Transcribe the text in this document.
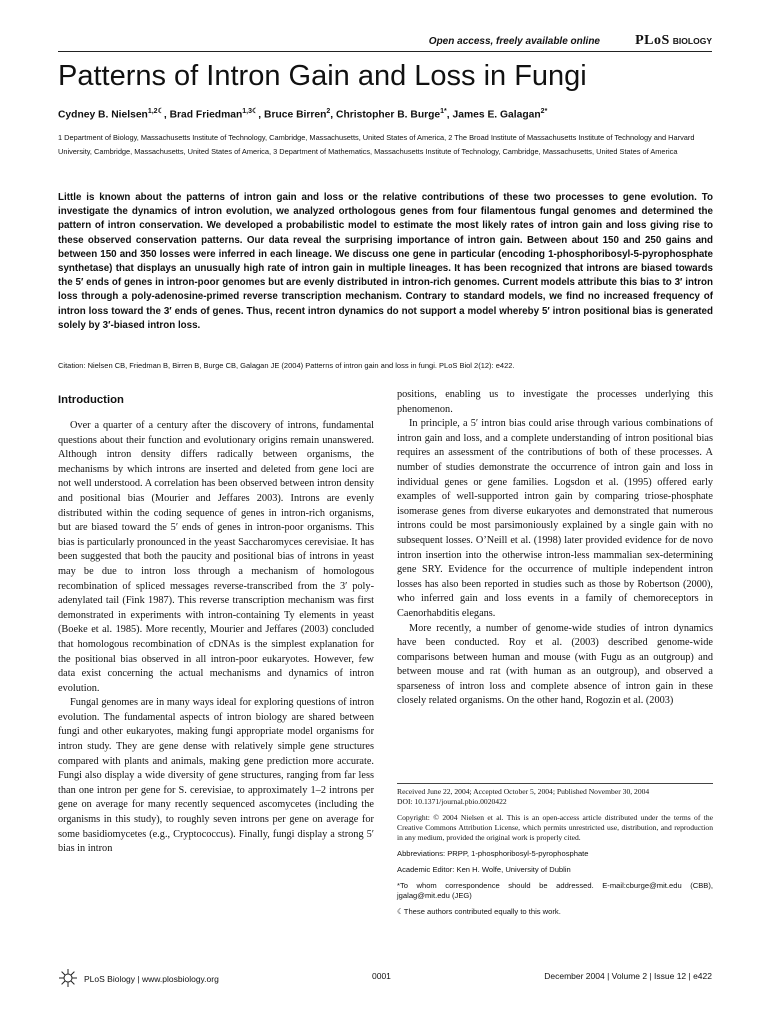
Open access, freely available online	PLoS BIOLOGY
Patterns of Intron Gain and Loss in Fungi
Cydney B. Nielsen$^{1,2☾}$, Brad Friedman$^{1,3☾}$, Bruce Birren$^2$, Christopher B. Burge$^{1*}$, James E. Galagan$^{2*}$
1 Department of Biology, Massachusetts Institute of Technology, Cambridge, Massachusetts, United States of America, 2 The Broad Institute of Massachusetts Institute of Technology and Harvard University, Cambridge, Massachusetts, United States of America, 3 Department of Mathematics, Massachusetts Institute of Technology, Cambridge, Massachusetts, United States of America
Little is known about the patterns of intron gain and loss or the relative contributions of these two processes to gene evolution. To investigate the dynamics of intron evolution, we analyzed orthologous genes from four filamentous fungal genomes and determined the pattern of intron conservation. We developed a probabilistic model to estimate the most likely rates of intron gain and loss giving rise to these observed conservation patterns. Our data reveal the surprising importance of intron gain. Between about 150 and 250 gains and between 150 and 350 losses were inferred in each lineage. We discuss one gene in particular (encoding 1-phosphoribosyl-5-pyrophosphate synthetase) that displays an unusually high rate of intron gain in multiple lineages. It has been recognized that introns are biased towards the 5′ ends of genes in intron-poor genomes but are evenly distributed in intron-rich genomes. Current models attribute this bias to 3′ intron loss through a poly-adenosine-primed reverse transcription mechanism. Contrary to standard models, we find no increased frequency of intron loss toward the 3′ ends of genes. Thus, recent intron dynamics do not support a model whereby 5′ intron positional bias is generated solely by 3′-biased intron loss.
Citation: Nielsen CB, Friedman B, Birren B, Burge CB, Galagan JE (2004) Patterns of intron gain and loss in fungi. PLoS Biol 2(12): e422.
Introduction

Over a quarter of a century after the discovery of introns, fundamental questions about their function and evolutionary origins remain unanswered. Although intron density differs radically between organisms, the mechanisms by which introns are inserted and deleted from gene loci are not well understood. A correlation has been observed between intron density and positional bias (Mourier and Jeffares 2003). Introns are evenly distributed within the coding sequence of genes in intron-rich organisms, but are biased toward the 5′ ends of genes in intron-poor organisms. This bias is particularly pronounced in the yeast Saccharomyces cerevisiae. It has been suggested that both the paucity and positional bias of introns in yeast may be due to intron loss through a mechanism of homologous recombination of spliced messages reverse-transcribed from the 3′ poly-adenylated tail (Fink 1987). This reverse transcription mechanism was first demonstrated in experiments with intron-containing Ty elements in yeast (Boeke et al. 1985). More recently, Mourier and Jeffares (2003) concluded that homologous recombination of cDNAs is the simplest explanation for the positional bias observed in all intron-poor eukaryotes. However, few data exist concerning the actual mechanisms and dynamics of intron evolution.

Fungal genomes are in many ways ideal for exploring questions of intron evolution. The fundamental aspects of intron biology are shared between fungi and other eukaryotes, making fungi appropriate model organisms for intron study. They are gene dense with relatively simple gene structures compared with plants and animals, making gene prediction more accurate. Fungi also display a wide diversity of gene structures, ranging from far less than one intron per gene for S. cerevisiae, to approximately 1–2 introns per gene on average for many recently sequenced ascomycetes (including the organisms in this study), to roughly seven introns per gene on average for some basidiomycetes (e.g., Cryptococcus). Finally, fungi display a strong 5′ bias in intron

positions, enabling us to investigate the processes underlying this phenomenon.

In principle, a 5′ intron bias could arise through various combinations of intron gain and loss, and a complete understanding of intron positional bias requires an assessment of the contributions of both of these processes. A number of studies demonstrate the occurrence of intron gain and loss in individual genes or gene families. Logsdon et al. (1995) offered early examples of well-supported intron gain by comparing triose-phosphate isomerase genes from diverse eukaryotes and demonstrated that numerous introns could be most parsimoniously explained by a single gain with no subsequent losses. O’Neill et al. (1998) later provided evidence for de novo intron insertion into the otherwise intron-less mammalian sex-determining gene SRY. Evidence for the occurrence of multiple independent intron losses has also been reported in studies such as those by Robertson (2000), who inferred gain and loss events in a family of chemoreceptors in Caenorhabditis elegans.

More recently, a number of genome-wide studies of intron dynamics have been conducted. Roy et al. (2003) described genome-wide comparisons between human and mouse (with Fugu as an outgroup) and between mouse and rat (with human as an outgroup), and observed a sparseness of intron loss and complete absence of intron gain in these closely related organisms. On the other hand, Rogozin et al. (2003)

Received June 22, 2004; Accepted October 5, 2004; Published November 30, 2004
DOI: 10.1371/journal.pbio.0020422
Copyright: © 2004 Nielsen et al. This is an open-access article distributed under the terms of the Creative Commons Attribution License, which permits unrestricted use, distribution, and reproduction in any medium, provided the original work is properly cited.
Abbreviations: PRPP, 1-phosphoribosyl-5-pyrophosphate
Academic Editor: Ken H. Wolfe, University of Dublin
*To whom correspondence should be addressed. E-mail:cburge@mit.edu (CBB), jgalag@mit.edu (JEG)
☾These authors contributed equally to this work.
PLoS Biology | www.plosbiology.org	0001	December 2004 | Volume 2 | Issue 12 | e422
